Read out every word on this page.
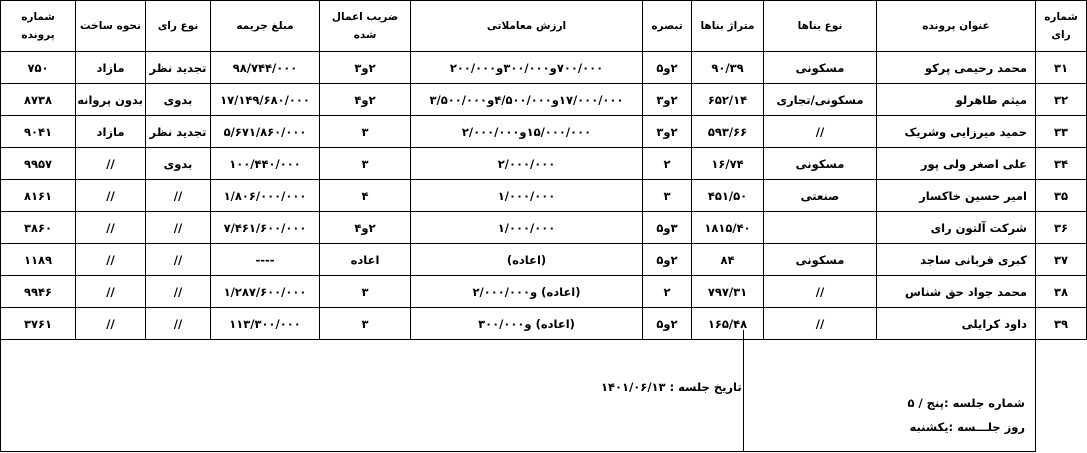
شماره رای	عنوان پرونده	نوع بناها	متراژ بناها	تبصره	ارزش معاملاتی	ضریب اعمال شده	مبلغ جریمه	نوع رای	نحوه ساخت	شماره پرونده
۳۱	محمد رحیمی پرکو	مسکونی	۹۰/۳۹	۲و۵	۷۰۰/۰۰۰و۳۰۰/۰۰۰و۲۰۰/۰۰۰	۲و۳	۹۸/۷۴۴/۰۰۰	تجدید نظر	مازاد	۷۵۰
۳۲	میثم طاهرلو	مسکونی/تجاری	۶۵۲/۱۴	۲و۳	۱۷/۰۰۰/۰۰۰و۴/۵۰۰/۰۰۰و۳/۵۰۰/۰۰۰	۲و۴	۱۷/۱۴۹/۶۸۰/۰۰۰	بدوی	بدون پروانه	۸۷۳۸
۳۳	حمید میرزایی وشریک	//	۵۹۳/۶۶	۲و۳	۱۵/۰۰۰/۰۰۰و۲/۰۰۰/۰۰۰	۳	۵/۶۷۱/۸۶۰/۰۰۰	تجدید نظر	مازاد	۹۰۴۱
۳۴	علی اصغر ولی پور	مسکونی	۱۶/۷۴	۲	۲/۰۰۰/۰۰۰	۳	۱۰۰/۴۴۰/۰۰۰	بدوی	//	۹۹۵۷
۳۵	امیر حسین خاکسار	صنعتی	۴۵۱/۵۰	۳	۱/۰۰۰/۰۰۰	۴	۱/۸۰۶/۰۰۰/۰۰۰	//	//	۸۱۶۱
۳۶	شرکت آلتون رای		۱۸۱۵/۴۰	۳و۵	۱/۰۰۰/۰۰۰	۲و۴	۷/۴۶۱/۶۰۰/۰۰۰	//	//	۳۸۶۰
۳۷	کبری قربانی ساجد	مسکونی	۸۴	۲و۵	(اعاده)	اعاده	----	//	//	۱۱۸۹
۳۸	محمد جواد حق شناس	//	۷۹۷/۳۱	۲	(اعاده) و۲/۰۰۰/۰۰۰	۳	۱/۲۸۷/۶۰۰/۰۰۰	//	//	۹۹۴۶
۳۹	داود کرایلی	//	۱۶۵/۴۸	۲و۵	(اعاده) و۳۰۰/۰۰۰	۳	۱۱۳/۳۰۰/۰۰۰	//	//	۳۷۶۱
تاریخ جلسه : ۱۴۰۱/۰۶/۱۳
شماره جلسه :پنج / ۵
روز جلـــسه :یکشنبه
